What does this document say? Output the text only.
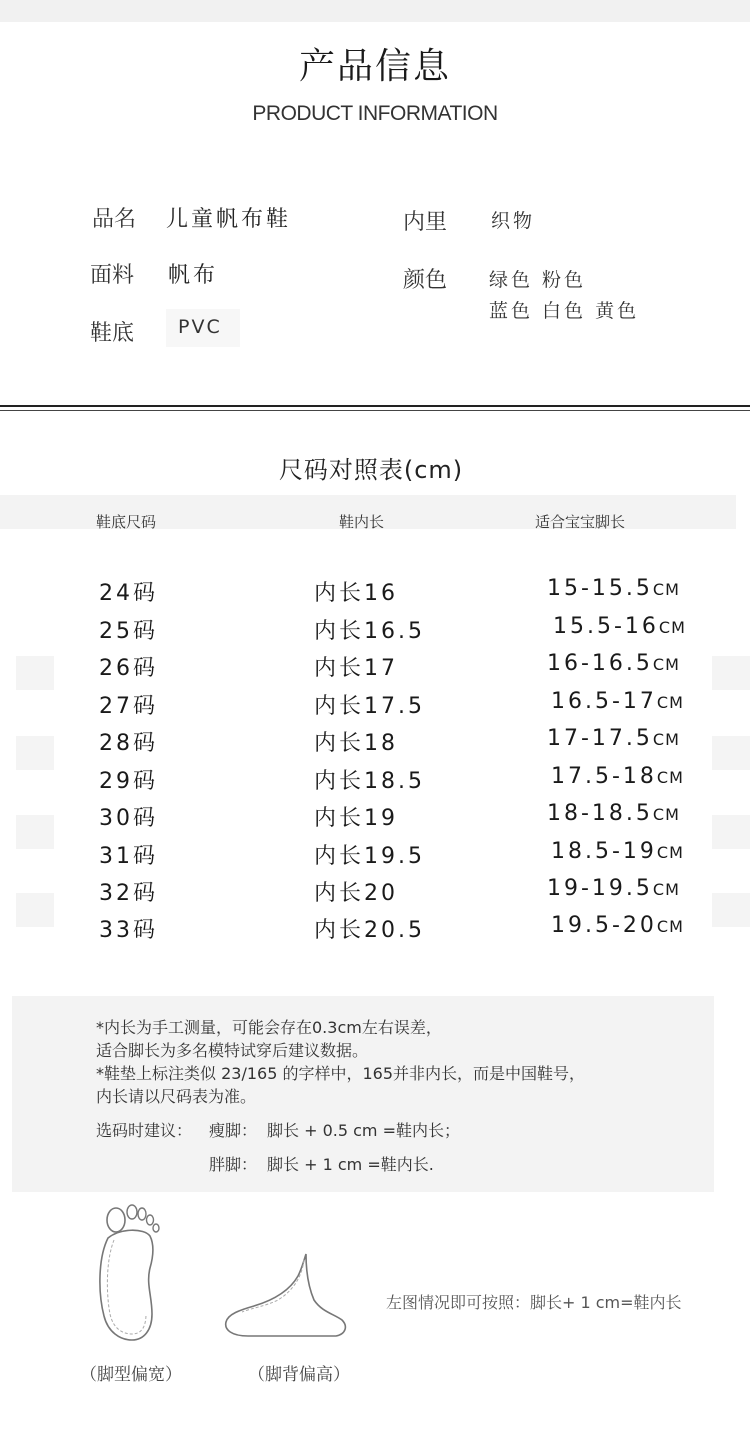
产品信息
PRODUCT INFORMATION
品名 儿童帆布鞋	内里 织物
面料 帆布	颜色 绿色 粉色
蓝色 白色 黄色
鞋底 PVC
尺码对照表(cm)
鞋底尺码	鞋内长	适合宝宝脚长
24码	内长16	15-15.5CM
25码	内长16.5	15.5-16CM
26码	内长17	16-16.5CM
27码	内长17.5	16.5-17CM
28码	内长18	17-17.5CM
29码	内长18.5	17.5-18CM
30码	内长19	18-18.5CM
31码	内长19.5	18.5-19CM
32码	内长20	19-19.5CM
33码	内长20.5	19.5-20CM
*内长为手工测量，可能会存在0.3cm左右误差，
适合脚长为多名模特试穿后建议数据。
*鞋垫上标注类似 23/165 的字样中，165并非内长，而是中国鞋号，
内长请以尺码表为准。
选码时建议： 瘦脚： 脚长 + 0.5 cm =鞋内长；
胖脚： 脚长 + 1 cm =鞋内长.
（脚型偏宽）	（脚背偏高）
左图情况即可按照：脚长+ 1 cm=鞋内长
